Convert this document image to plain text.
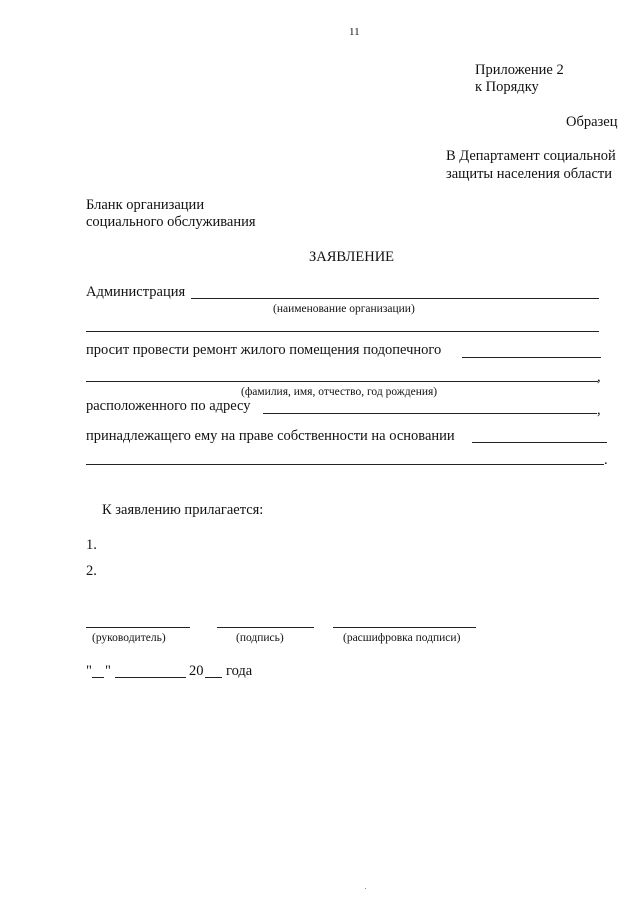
11
Приложение 2
к Порядку
Образец
В Департамент социальной
защиты населения области
Бланк организации
социального обслуживания
ЗАЯВЛЕНИЕ
Администрация
(наименование организации)
просит провести ремонт жилого помещения подопечного
,
(фамилия, имя, отчество, год рождения)
расположенного по адресу	,
принадлежащего ему на праве собственности на основании
.
К заявлению прилагается:
1.
2.
(руководитель)	(подпись)	(расшифровка подписи)
" "	20 года
